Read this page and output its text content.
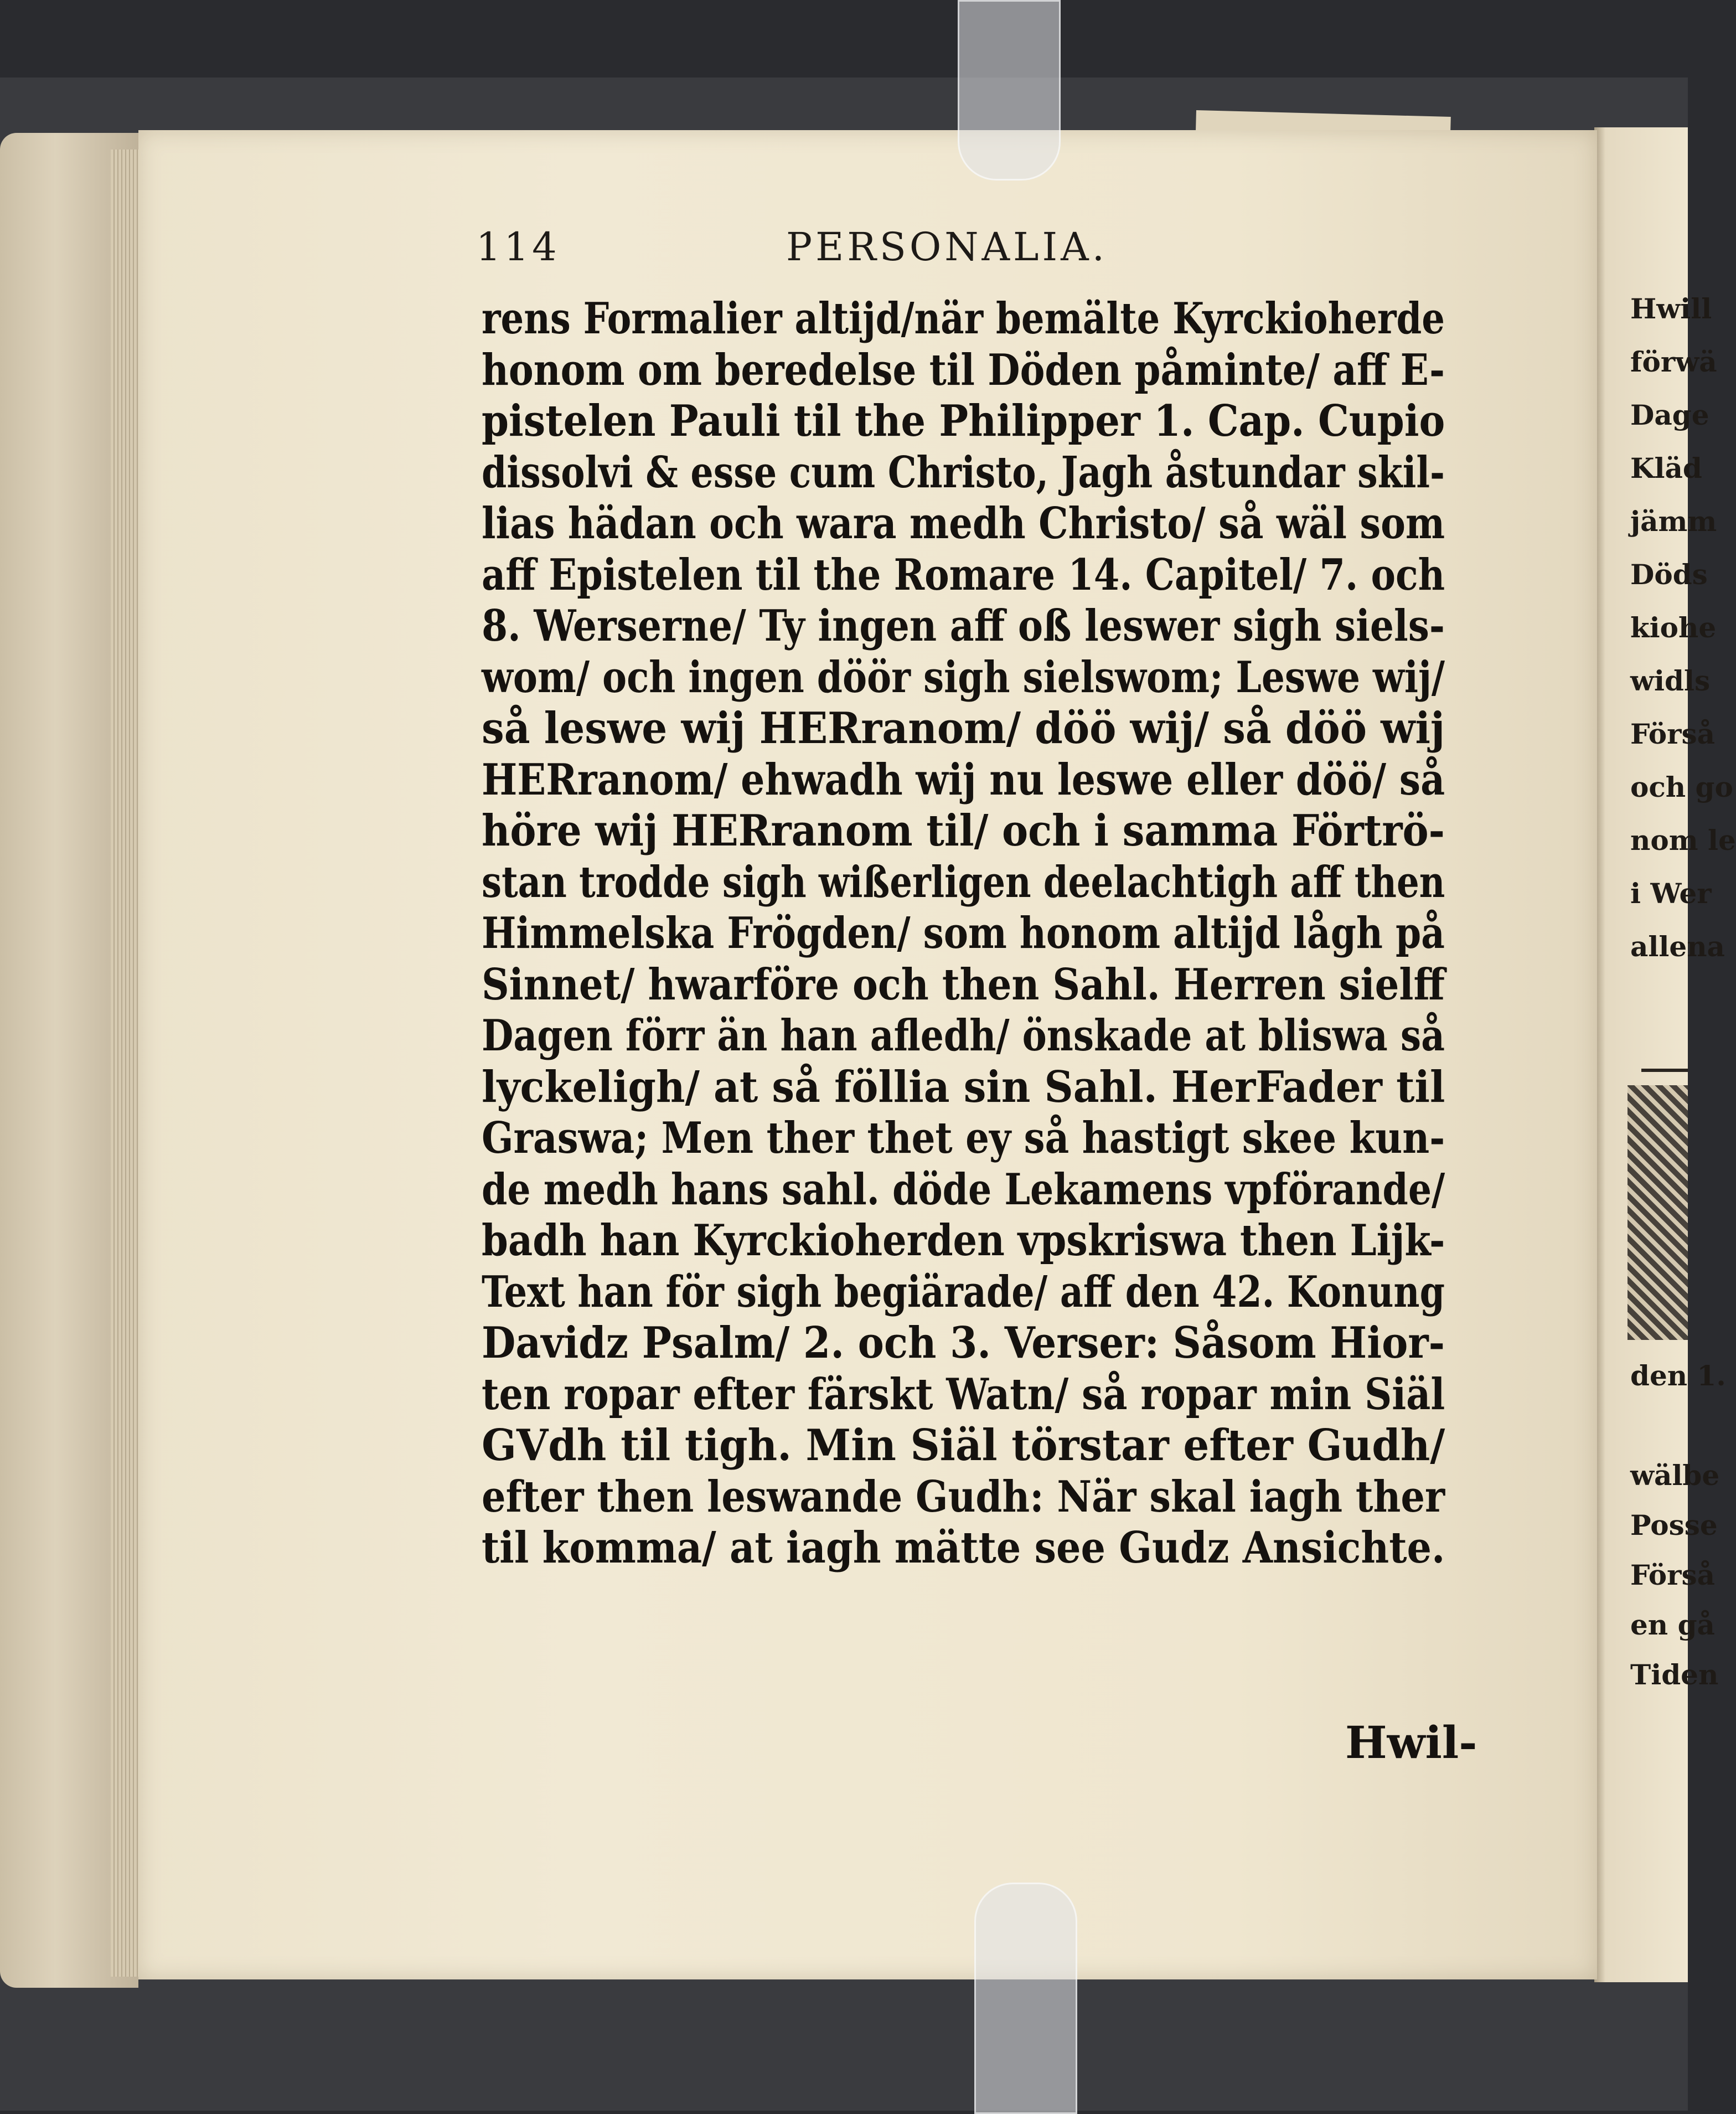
Hwill
förwä
Dage
Kläd
jämm
Döds
kiohe
widls
Förså
och go
nom le
i Wer
allena
den 1.
wälbe
Posse
Förså
en gå
Tiden
114	PERSONALIA.
rens Formalier altijd/när bemälte Kyrckioherde
honom om beredelse til Döden påminte/ aff E-
pistelen Pauli til the Philipper 1. Cap. Cupio
dissolvi & esse cum Christo, Jagh åstundar skil-
lias hädan och wara medh Christo/ så wäl som
aff Epistelen til the Romare 14. Capitel/ 7. och
8. Werserne/ Ty ingen aff oß leswer sigh siels-
wom/ och ingen döör sigh sielswom; Leswe wij/
så leswe wij HERranom/ döö wij/ så döö wij
HERranom/ ehwadh wij nu leswe eller döö/ så
höre wij HERranom til/ och i samma Förtrö-
stan trodde sigh wißerligen deelachtigh aff then
Himmelska Frögden/ som honom altijd lågh på
Sinnet/ hwarföre och then Sahl. Herren sielff
Dagen förr än han afledh/ önskade at bliswa så
lyckeligh/ at så föllia sin Sahl. HerFader til
Graswa; Men ther thet ey så hastigt skee kun-
de medh hans sahl. döde Lekamens vpförande/
badh han Kyrckioherden vpskriswa then Lijk-
Text han för sigh begiärade/ aff den 42. Konung
Davidz Psalm/ 2. och 3. Verser: Såsom Hior-
ten ropar efter färskt Watn/ så ropar min Siäl
GVdh til tigh. Min Siäl törstar efter Gudh/
efter then leswande Gudh: När skal iagh ther
til komma/ at iagh mätte see Gudz Ansichte.
Hwil-
